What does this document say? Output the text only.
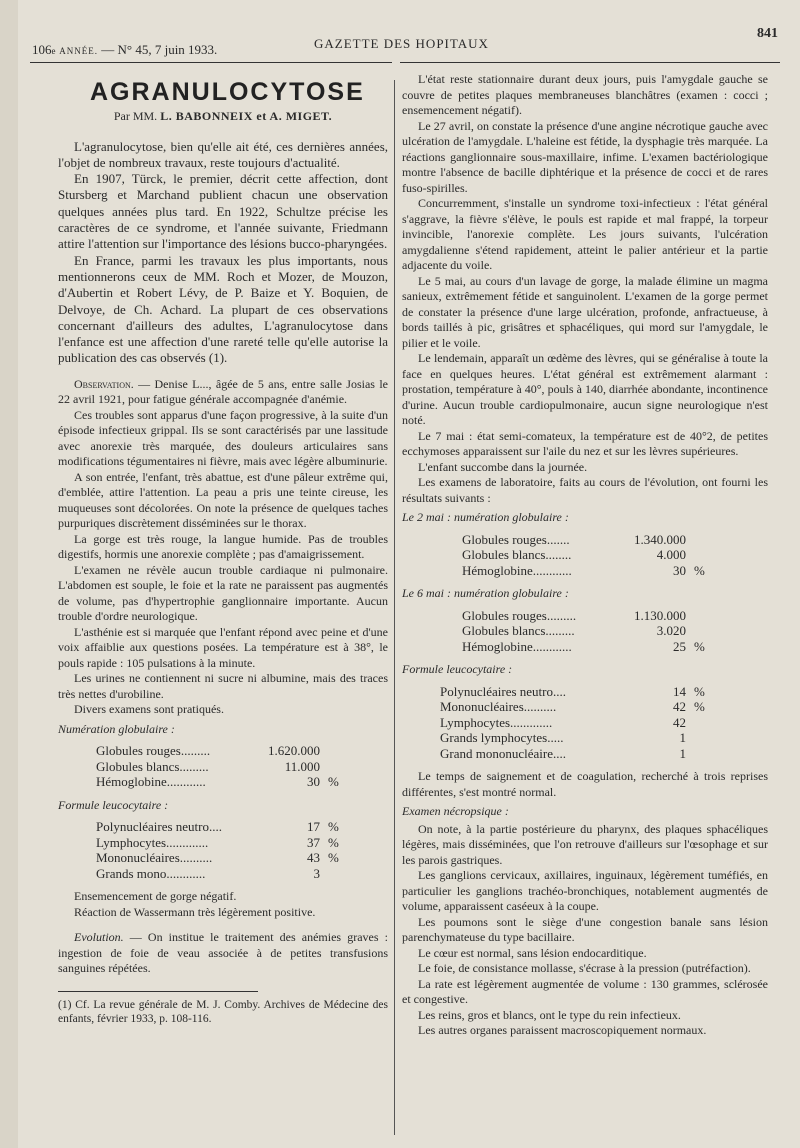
106e ANNÉE. — N° 45, 7 juin 1933.	GAZETTE DES HOPITAUX
841
AGRANULOCYTOSE
Par MM. L. BABONNEIX et A. MIGET.

L'agranulocytose, bien qu'elle ait été, ces dernières années, l'objet de nombreux travaux, reste toujours d'actualité.

En 1907, Türck, le premier, décrit cette affection, dont Stursberg et Marchand publient chacun une observation quelques années plus tard. En 1922, Schultze précise les caractères de ce syndrome, et l'année suivante, Friedmann attire l'attention sur l'importance des lésions bucco-pharyngées.

En France, parmi les travaux les plus importants, nous mentionnerons ceux de MM. Roch et Mozer, de Mouzon, d'Aubertin et Robert Lévy, de P. Baize et Y. Boquien, de Delvoye, de Ch. Achard. La plupart de ces observations concernant d'ailleurs des adultes, L'agranulocytose dans l'enfance est une affection d'une rareté telle qu'elle autorise la publication des cas observés (1).

Observation. — Denise L..., âgée de 5 ans, entre salle Josias le 22 avril 1921, pour fatigue générale accompagnée d'anémie.

Ces troubles sont apparus d'une façon progressive, à la suite d'un épisode infectieux grippal. Ils se sont caractérisés par une lassitude avec anorexie très marquée, des douleurs articulaires sans modifications tégumentaires ni fièvre, mais avec légère albuminurie.

A son entrée, l'enfant, très abattue, est d'une pâleur extrême qui, d'emblée, attire l'attention. La peau a pris une teinte cireuse, les muqueuses sont décolorées. On note la présence de quelques taches purpuriques discrètement disséminées sur le thorax.

La gorge est très rouge, la langue humide. Pas de troubles digestifs, hormis une anorexie complète ; pas d'amaigrissement.

L'examen ne révèle aucun trouble cardiaque ni pulmonaire. L'abdomen est souple, le foie et la rate ne paraissent pas augmentés de volume, pas d'hypertrophie ganglionnaire importante. Aucun trouble d'ordre neurologique.

L'asthénie est si marquée que l'enfant répond avec peine et d'une voix affaiblie aux questions posées. La température est à 38°, le pouls rapide : 105 pulsations à la minute.

Les urines ne contiennent ni sucre ni albumine, mais des traces très nettes d'urobiline.

Divers examens sont pratiqués.

Numération globulaire :
Globules rouges.........	1.620.000
Globules blancs.........	11.000
Hémoglobine............	30 %
Formule leucocytaire :
Polynucléaires neutro....	17 %
Lymphocytes.............	37 %
Mononucléaires..........	43 %
Grands mono............	3

Ensemencement de gorge négatif.

Réaction de Wassermann très légèrement positive.

Evolution. — On institue le traitement des anémies graves : ingestion de foie de veau associée à de petites transfusions sanguines répétées.

(1) Cf. La revue générale de M. J. Comby. Archives de Médecine des enfants, février 1933, p. 108-116.

L'état reste stationnaire durant deux jours, puis l'amygdale gauche se couvre de petites plaques membraneuses blanchâtres (examen : cocci ; ensemencement négatif).

Le 27 avril, on constate la présence d'une angine nécrotique gauche avec ulcération de l'amygdale. L'haleine est fétide, la dysphagie très marquée. La réactions ganglionnaire sous-maxillaire, infime. L'examen bactériologique montre l'absence de bacille diphtérique et la présence de cocci et de rares fuso-spirilles.

Concurremment, s'installe un syndrome toxi-infectieux : l'état général s'aggrave, la fièvre s'élève, le pouls est rapide et mal frappé, la torpeur invincible, l'anorexie complète. Les jours suivants, l'ulcération amygdalienne s'étend rapidement, atteint le palier antérieur et la partie adjacente du voile.

Le 5 mai, au cours d'un lavage de gorge, la malade élimine un magma sanieux, extrêmement fétide et sanguinolent. L'examen de la gorge permet de constater la présence d'une large ulcération, profonde, anfractueuse, à bords taillés à pic, grisâtres et sphacéliques, qui mord sur l'amygdale, le pilier et le voile.

Le lendemain, apparaît un œdème des lèvres, qui se généralise à toute la face en quelques heures. L'état général est extrêmement alarmant : prostation, température à 40°, pouls à 140, diarrhée abondante, incontinence d'urine. Aucun trouble cardiopulmonaire, aucun signe neurologique n'est noté.

Le 7 mai : état semi-comateux, la température est de 40°2, de petites ecchymoses apparaissent sur l'aile du nez et sur les lèvres supérieures.

L'enfant succombe dans la journée.

Les examens de laboratoire, faits au cours de l'évolution, ont fourni les résultats suivants :

Le 2 mai : numération globulaire :
Globules rouges.......	1.340.000
Globules blancs........	4.000
Hémoglobine............	30 %
Le 6 mai : numération globulaire :
Globules rouges.........	1.130.000
Globules blancs.........	3.020
Hémoglobine............	25 %
Formule leucocytaire :
Polynucléaires neutro....	14 %
Mononucléaires..........	42 %
Lymphocytes.............	42
Grands lymphocytes.....	1
Grand mononucléaire....	1

Le temps de saignement et de coagulation, recherché à trois reprises différentes, s'est montré normal.

Examen nécropsique :

On note, à la partie postérieure du pharynx, des plaques sphacéliques légères, mais disséminées, que l'on retrouve d'ailleurs sur l'œsophage et sur les parois gastriques.

Les ganglions cervicaux, axillaires, inguinaux, légèrement tuméfiés, en particulier les ganglions trachéo-bronchiques, notablement augmentés de volume, apparaissent caséeux à la coupe.

Les poumons sont le siège d'une congestion banale sans lésion parenchymateuse du type bacillaire.

Le cœur est normal, sans lésion endocarditique.

Le foie, de consistance mollasse, s'écrase à la pression (putréfaction).

La rate est légèrement augmentée de volume : 130 grammes, sclérosée et congestive.

Les reins, gros et blancs, ont le type du rein infectieux.

Les autres organes paraissent macroscopiquement normaux.
